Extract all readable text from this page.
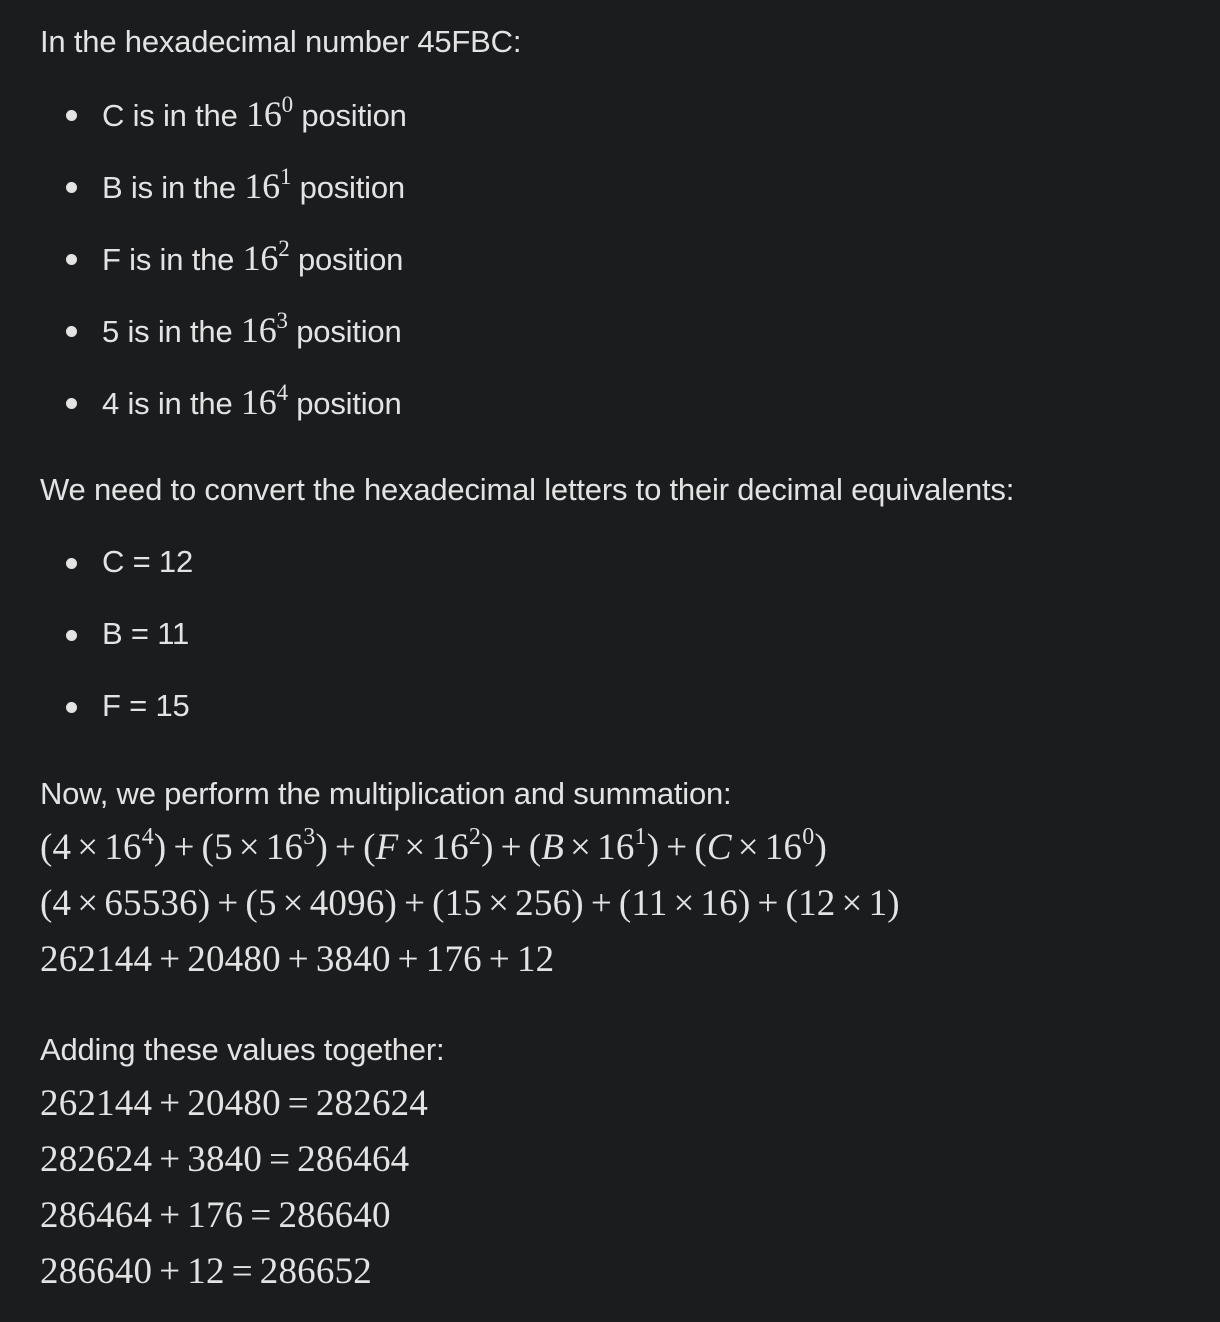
In the hexadecimal number 45FBC:
C is in the $16^0$ position
B is in the $16^1$ position
F is in the $16^2$ position
5 is in the $16^3$ position
4 is in the $16^4$ position
We need to convert the hexadecimal letters to their decimal equivalents:
C = 12
B = 11
F = 15
Now, we perform the multiplication and summation:
$(4 \times 16^4) + (5 \times 16^3) + (F \times 16^2) + (B \times 16^1) + (C \times 16^0)$
(4 × 65536) + (5 × 4096) + (15 × 256) + (11 × 16) + (12 × 1)
262144 + 20480 + 3840 + 176 + 12
Adding these values together:
262144 + 20480 = 282624
282624 + 3840 = 286464
286464 + 176 = 286640
286640 + 12 = 286652
